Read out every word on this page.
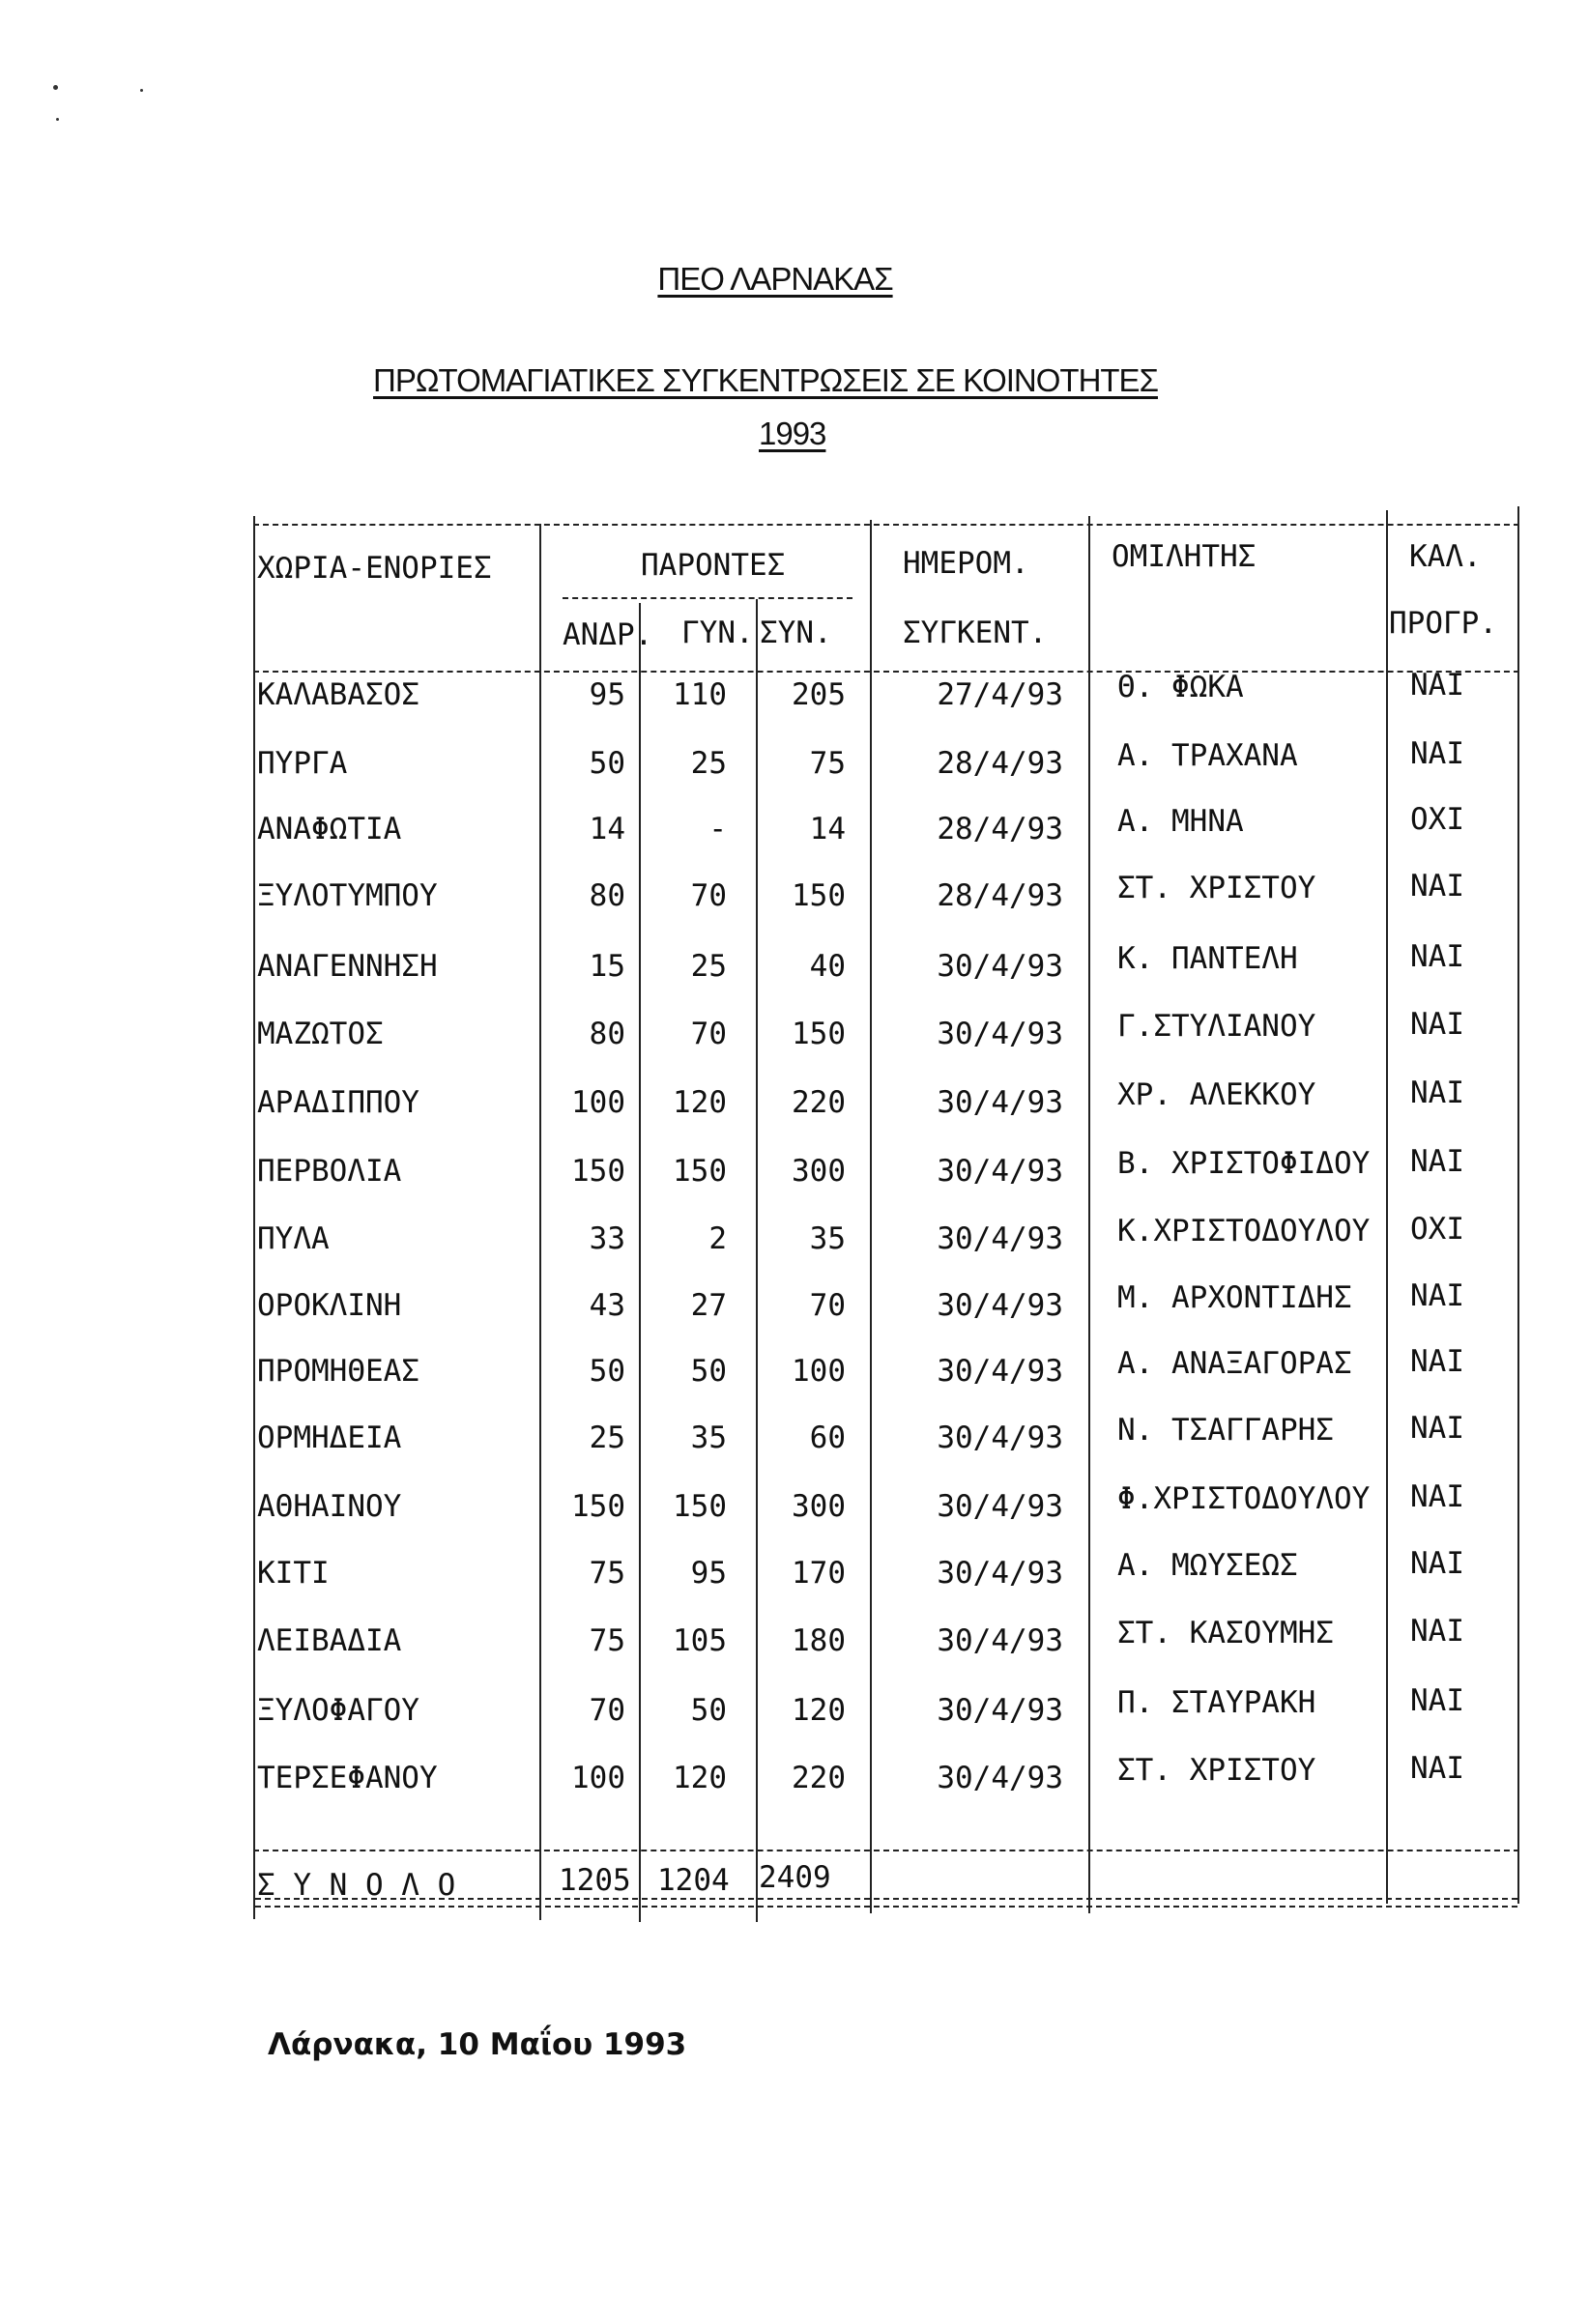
ΠΕΟ ΛΑΡΝΑΚΑΣ
ΠΡΩΤΟΜΑΓΙΑΤΙΚΕΣ ΣΥΓΚΕΝΤΡΩΣΕΙΣ ΣΕ ΚΟΙΝΟΤΗΤΕΣ
1993
ΧΩΡΙΑ-ΕΝΟΡΙΕΣ	ΠΑΡΟΝΤΕΣ
ΑΝΔΡ. ΓΥΝ. ΣΥΝ.
ΗΜΕΡΟΜ.
ΣΥΓΚΕΝΤ.
ΟΜΙΛΗΤΗΣ	ΚΑΛ.
ΠΡΟΓΡ.
ΚΑΛΑΒΑΣΟΣ	95	110	205	27/4/93 Θ. ΦΩΚΑ	ΝΑΙ
ΠΥΡΓΑ	50	25	75	28/4/93 Α. ΤΡΑΧΑΝΑ	ΝΑΙ
ΑΝΑΦΩΤΙΑ	14	-	14	28/4/93 Α. ΜΗΝΑ	ΟΧΙ
ΞΥΛΟΤΥΜΠΟΥ	80	70	150	28/4/93 ΣΤ. ΧΡΙΣΤΟΥ	ΝΑΙ
ΑΝΑΓΕΝΝΗΣΗ	15	25	40	30/4/93 Κ. ΠΑΝΤΕΛΗ	ΝΑΙ
ΜΑΖΩΤΟΣ	80	70	150	30/4/93 Γ.ΣΤΥΛΙΑΝΟΥ	ΝΑΙ
ΑΡΑΔΙΠΠΟΥ	100	120	220	30/4/93 ΧΡ. ΑΛΕΚΚΟΥ	ΝΑΙ
ΠΕΡΒΟΛΙΑ	150	150	300	30/4/93 Β. ΧΡΙΣΤΟΦΙΔΟΥ ΝΑΙ
ΠΥΛΑ	33	2	35	30/4/93 Κ.ΧΡΙΣΤΟΔΟΥΛΟΥ ΟΧΙ
ΟΡΟΚΛΙΝΗ	43	27	70	30/4/93 Μ. ΑΡΧΟΝΤΙΔΗΣ ΝΑΙ
ΠΡΟΜΗΘΕΑΣ	50	50	100	30/4/93 Α. ΑΝΑΞΑΓΟΡΑΣ ΝΑΙ
ΟΡΜΗΔΕΙΑ	25	35	60	30/4/93 Ν. ΤΣΑΓΓΑΡΗΣ	ΝΑΙ
ΑΘΗΑΙΝΟΥ	150	150	300	30/4/93 Φ.ΧΡΙΣΤΟΔΟΥΛΟΥ ΝΑΙ
ΚΙΤΙ	75	95	170	30/4/93 Α. ΜΩΥΣΕΩΣ	ΝΑΙ
ΛΕΙΒΑΔΙΑ	75	105	180	30/4/93 ΣΤ. ΚΑΣΟΥΜΗΣ	ΝΑΙ
ΞΥΛΟΦΑΓΟΥ	70	50	120	30/4/93 Π. ΣΤΑΥΡΑΚΗ	ΝΑΙ
ΤΕΡΣΕΦΑΝΟΥ	100	120	220	30/4/93 ΣΤ. ΧΡΙΣΤΟΥ	ΝΑΙ
Σ Υ Ν Ο Λ Ο	1205 1204 2409
Λάρνακα, 10 Μαΐου 1993
